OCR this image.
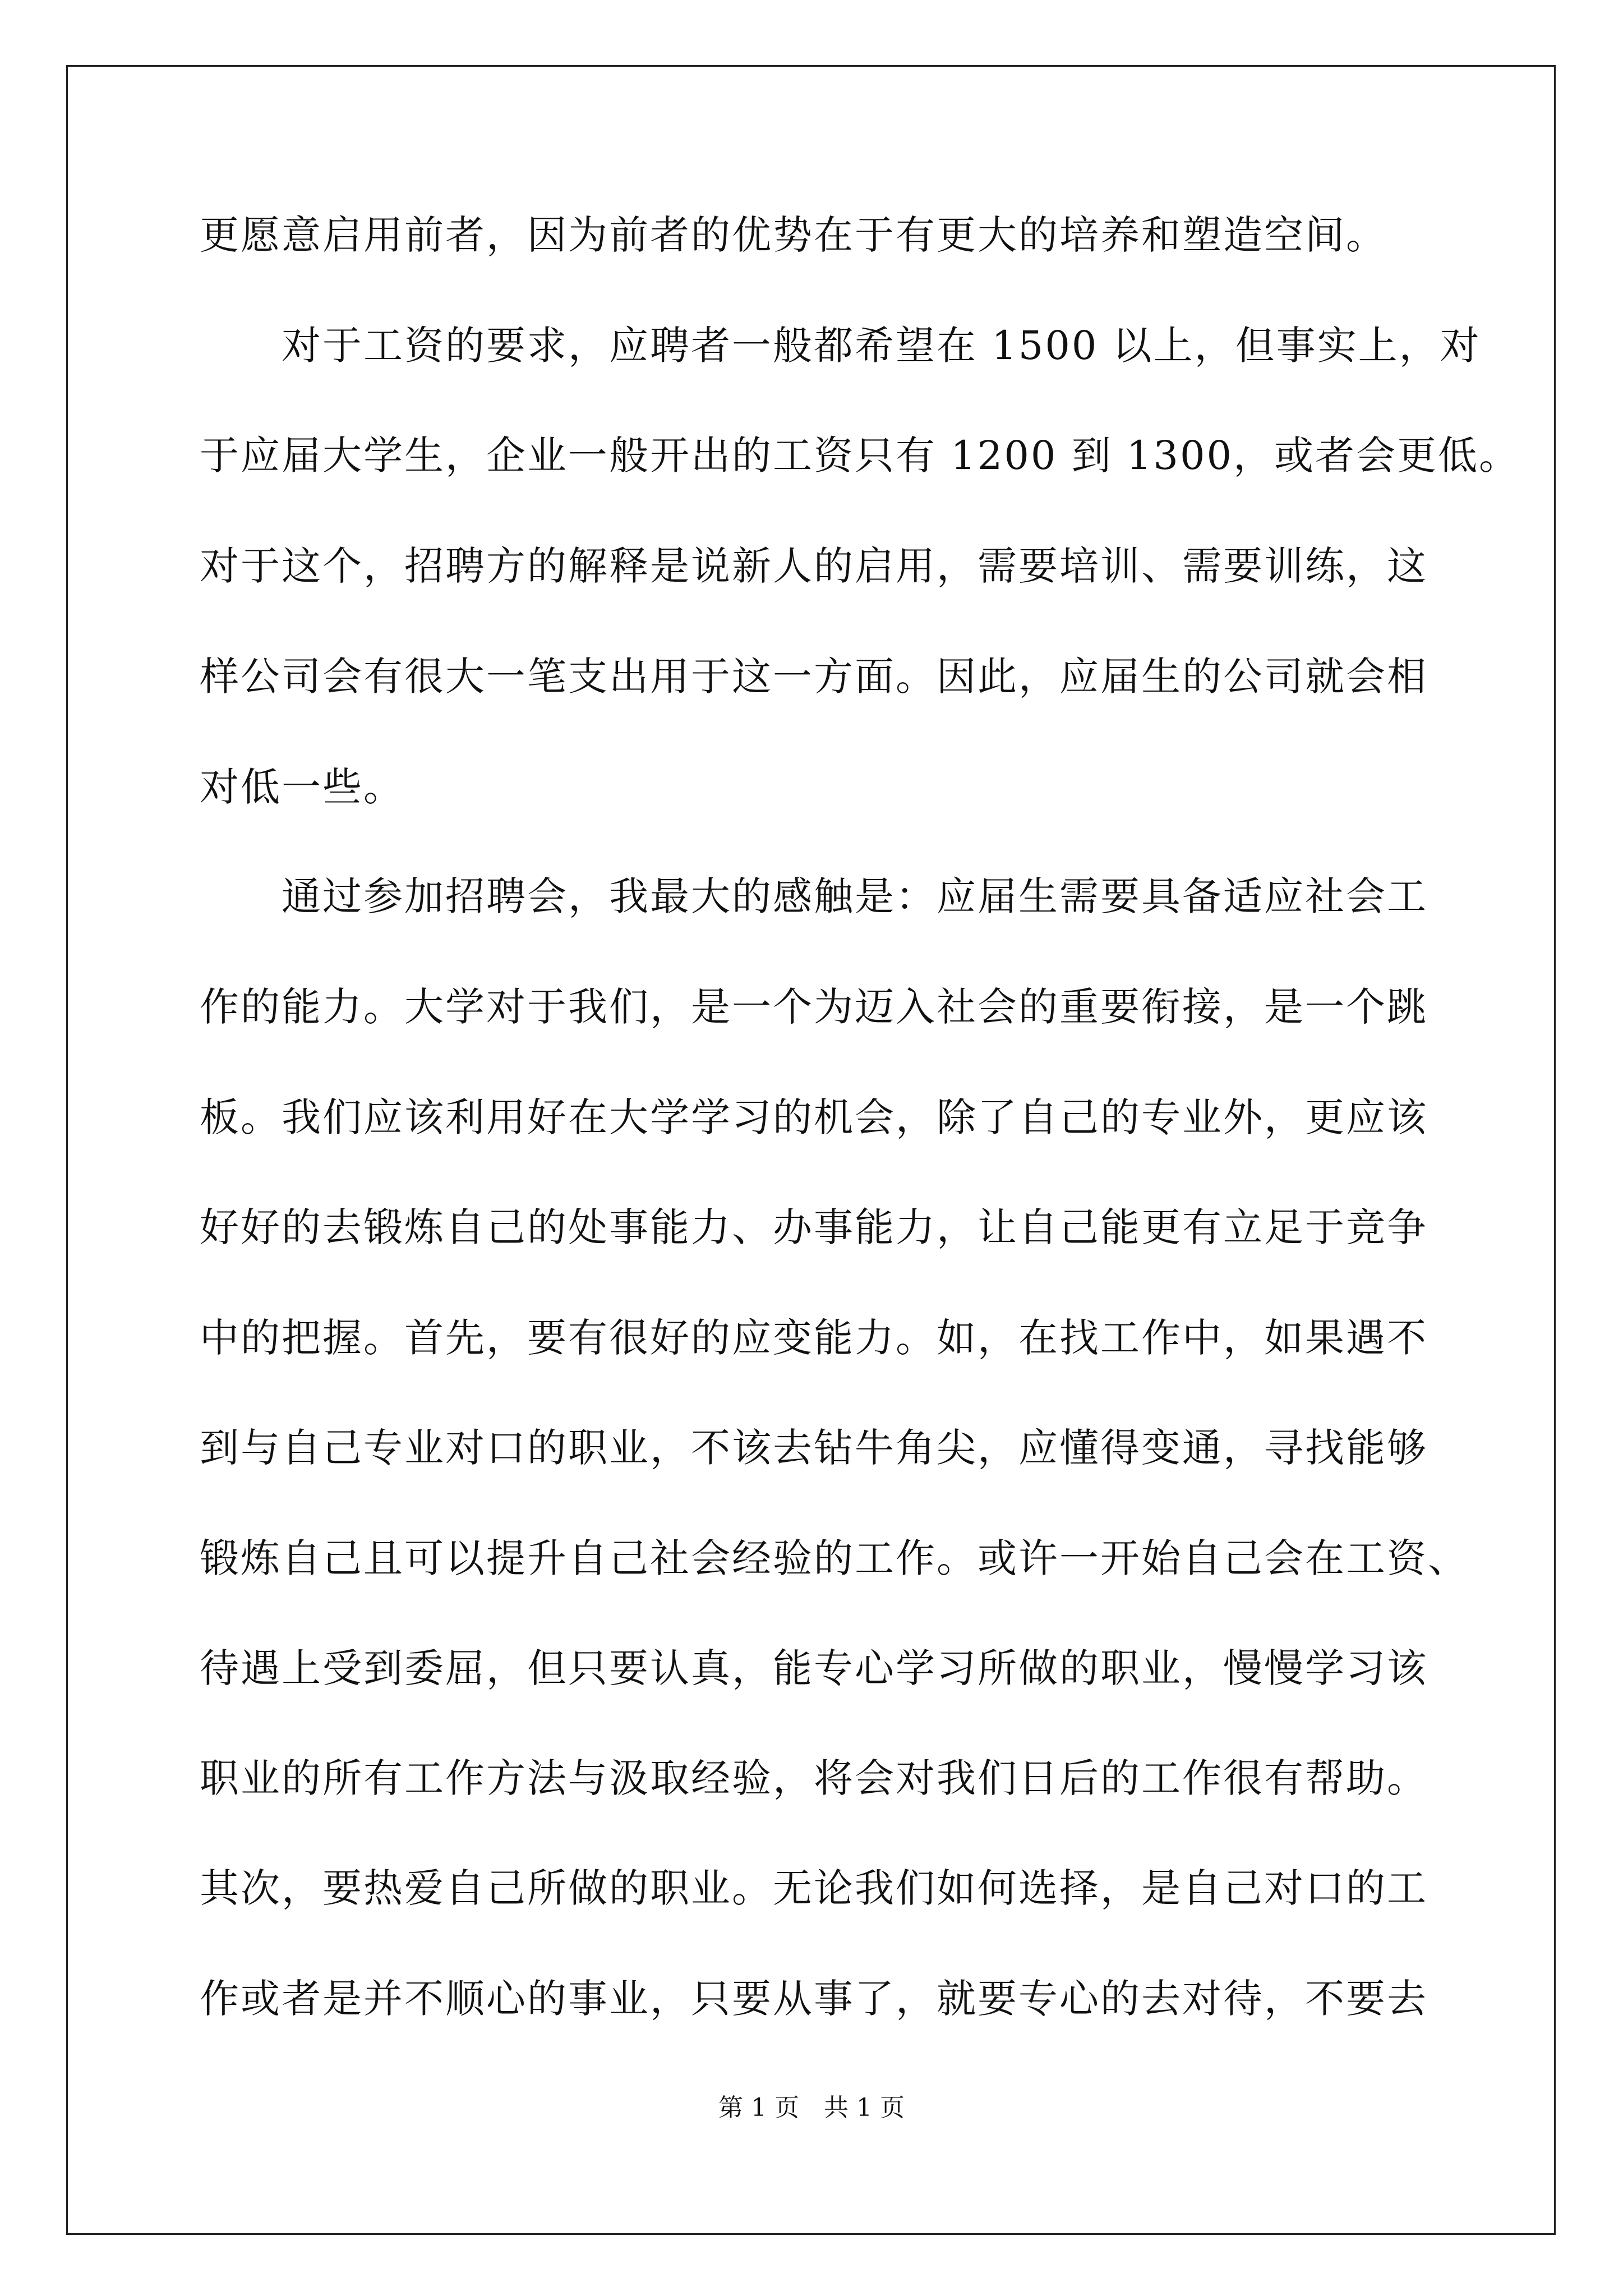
更愿意启用前者，因为前者的优势在于有更大的培养和塑造空间。
对于工资的要求，应聘者一般都希望在 1500 以上，但事实上，对
于应届大学生，企业一般开出的工资只有 1200 到 1300，或者会更低。
对于这个，招聘方的解释是说新人的启用，需要培训、需要训练，这
样公司会有很大一笔支出用于这一方面。因此，应届生的公司就会相
对低一些。
通过参加招聘会，我最大的感触是：应届生需要具备适应社会工
作的能力。大学对于我们，是一个为迈入社会的重要衔接，是一个跳
板。我们应该利用好在大学学习的机会，除了自己的专业外，更应该
好好的去锻炼自己的处事能力、办事能力，让自己能更有立足于竞争
中的把握。首先，要有很好的应变能力。如，在找工作中，如果遇不
到与自己专业对口的职业，不该去钻牛角尖，应懂得变通，寻找能够
锻炼自己且可以提升自己社会经验的工作。或许一开始自己会在工资、
待遇上受到委屈，但只要认真，能专心学习所做的职业，慢慢学习该
职业的所有工作方法与汲取经验，将会对我们日后的工作很有帮助。
其次，要热爱自己所做的职业。无论我们如何选择，是自己对口的工
作或者是并不顺心的事业，只要从事了，就要专心的去对待，不要去
第 1 页　共 1 页
